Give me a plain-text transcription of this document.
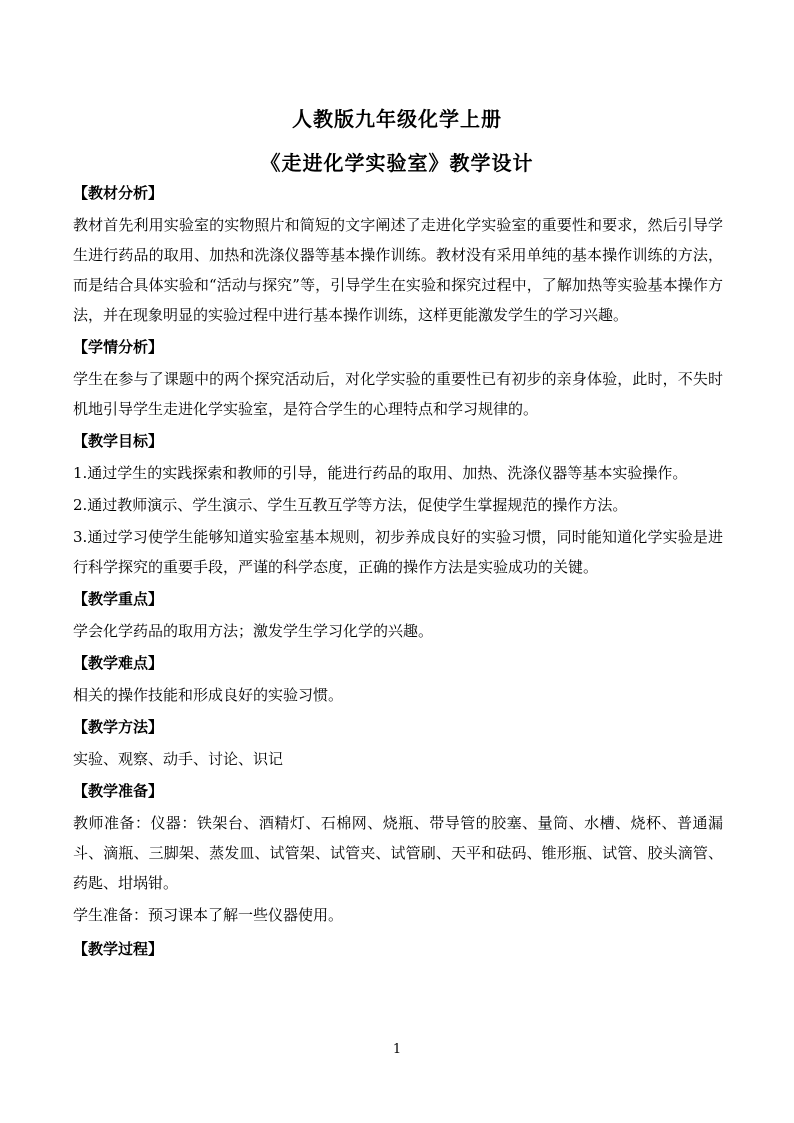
人教版九年级化学上册
《走进化学实验室》教学设计
【教材分析】

教材首先利用实验室的实物照片和简短的文字阐述了走进化学实验室的重要性和要求，然后引导学生进行药品的取用、加热和洗涤仪器等基本操作训练。教材没有采用单纯的基本操作训练的方法，而是结合具体实验和“活动与探究”等，引导学生在实验和探究过程中，了解加热等实验基本操作方法，并在现象明显的实验过程中进行基本操作训练，这样更能激发学生的学习兴趣。

【学情分析】

学生在参与了课题中的两个探究活动后，对化学实验的重要性已有初步的亲身体验，此时，不失时机地引导学生走进化学实验室，是符合学生的心理特点和学习规律的。

【教学目标】

1.通过学生的实践探索和教师的引导，能进行药品的取用、加热、洗涤仪器等基本实验操作。

2.通过教师演示、学生演示、学生互教互学等方法，促使学生掌握规范的操作方法。

3.通过学习使学生能够知道实验室基本规则，初步养成良好的实验习惯，同时能知道化学实验是进行科学探究的重要手段，严谨的科学态度，正确的操作方法是实验成功的关键。

【教学重点】

学会化学药品的取用方法；激发学生学习化学的兴趣。

【教学难点】

相关的操作技能和形成良好的实验习惯。

【教学方法】

实验、观察、动手、讨论、识记

【教学准备】

教师准备：仪器：铁架台、酒精灯、石棉网、烧瓶、带导管的胶塞、量筒、水槽、烧杯、普通漏斗、滴瓶、三脚架、蒸发皿、试管架、试管夹、试管刷、天平和砝码、锥形瓶、试管、胶头滴管、药匙、坩埚钳。

学生准备：预习课本了解一些仪器使用。

【教学过程】
1
